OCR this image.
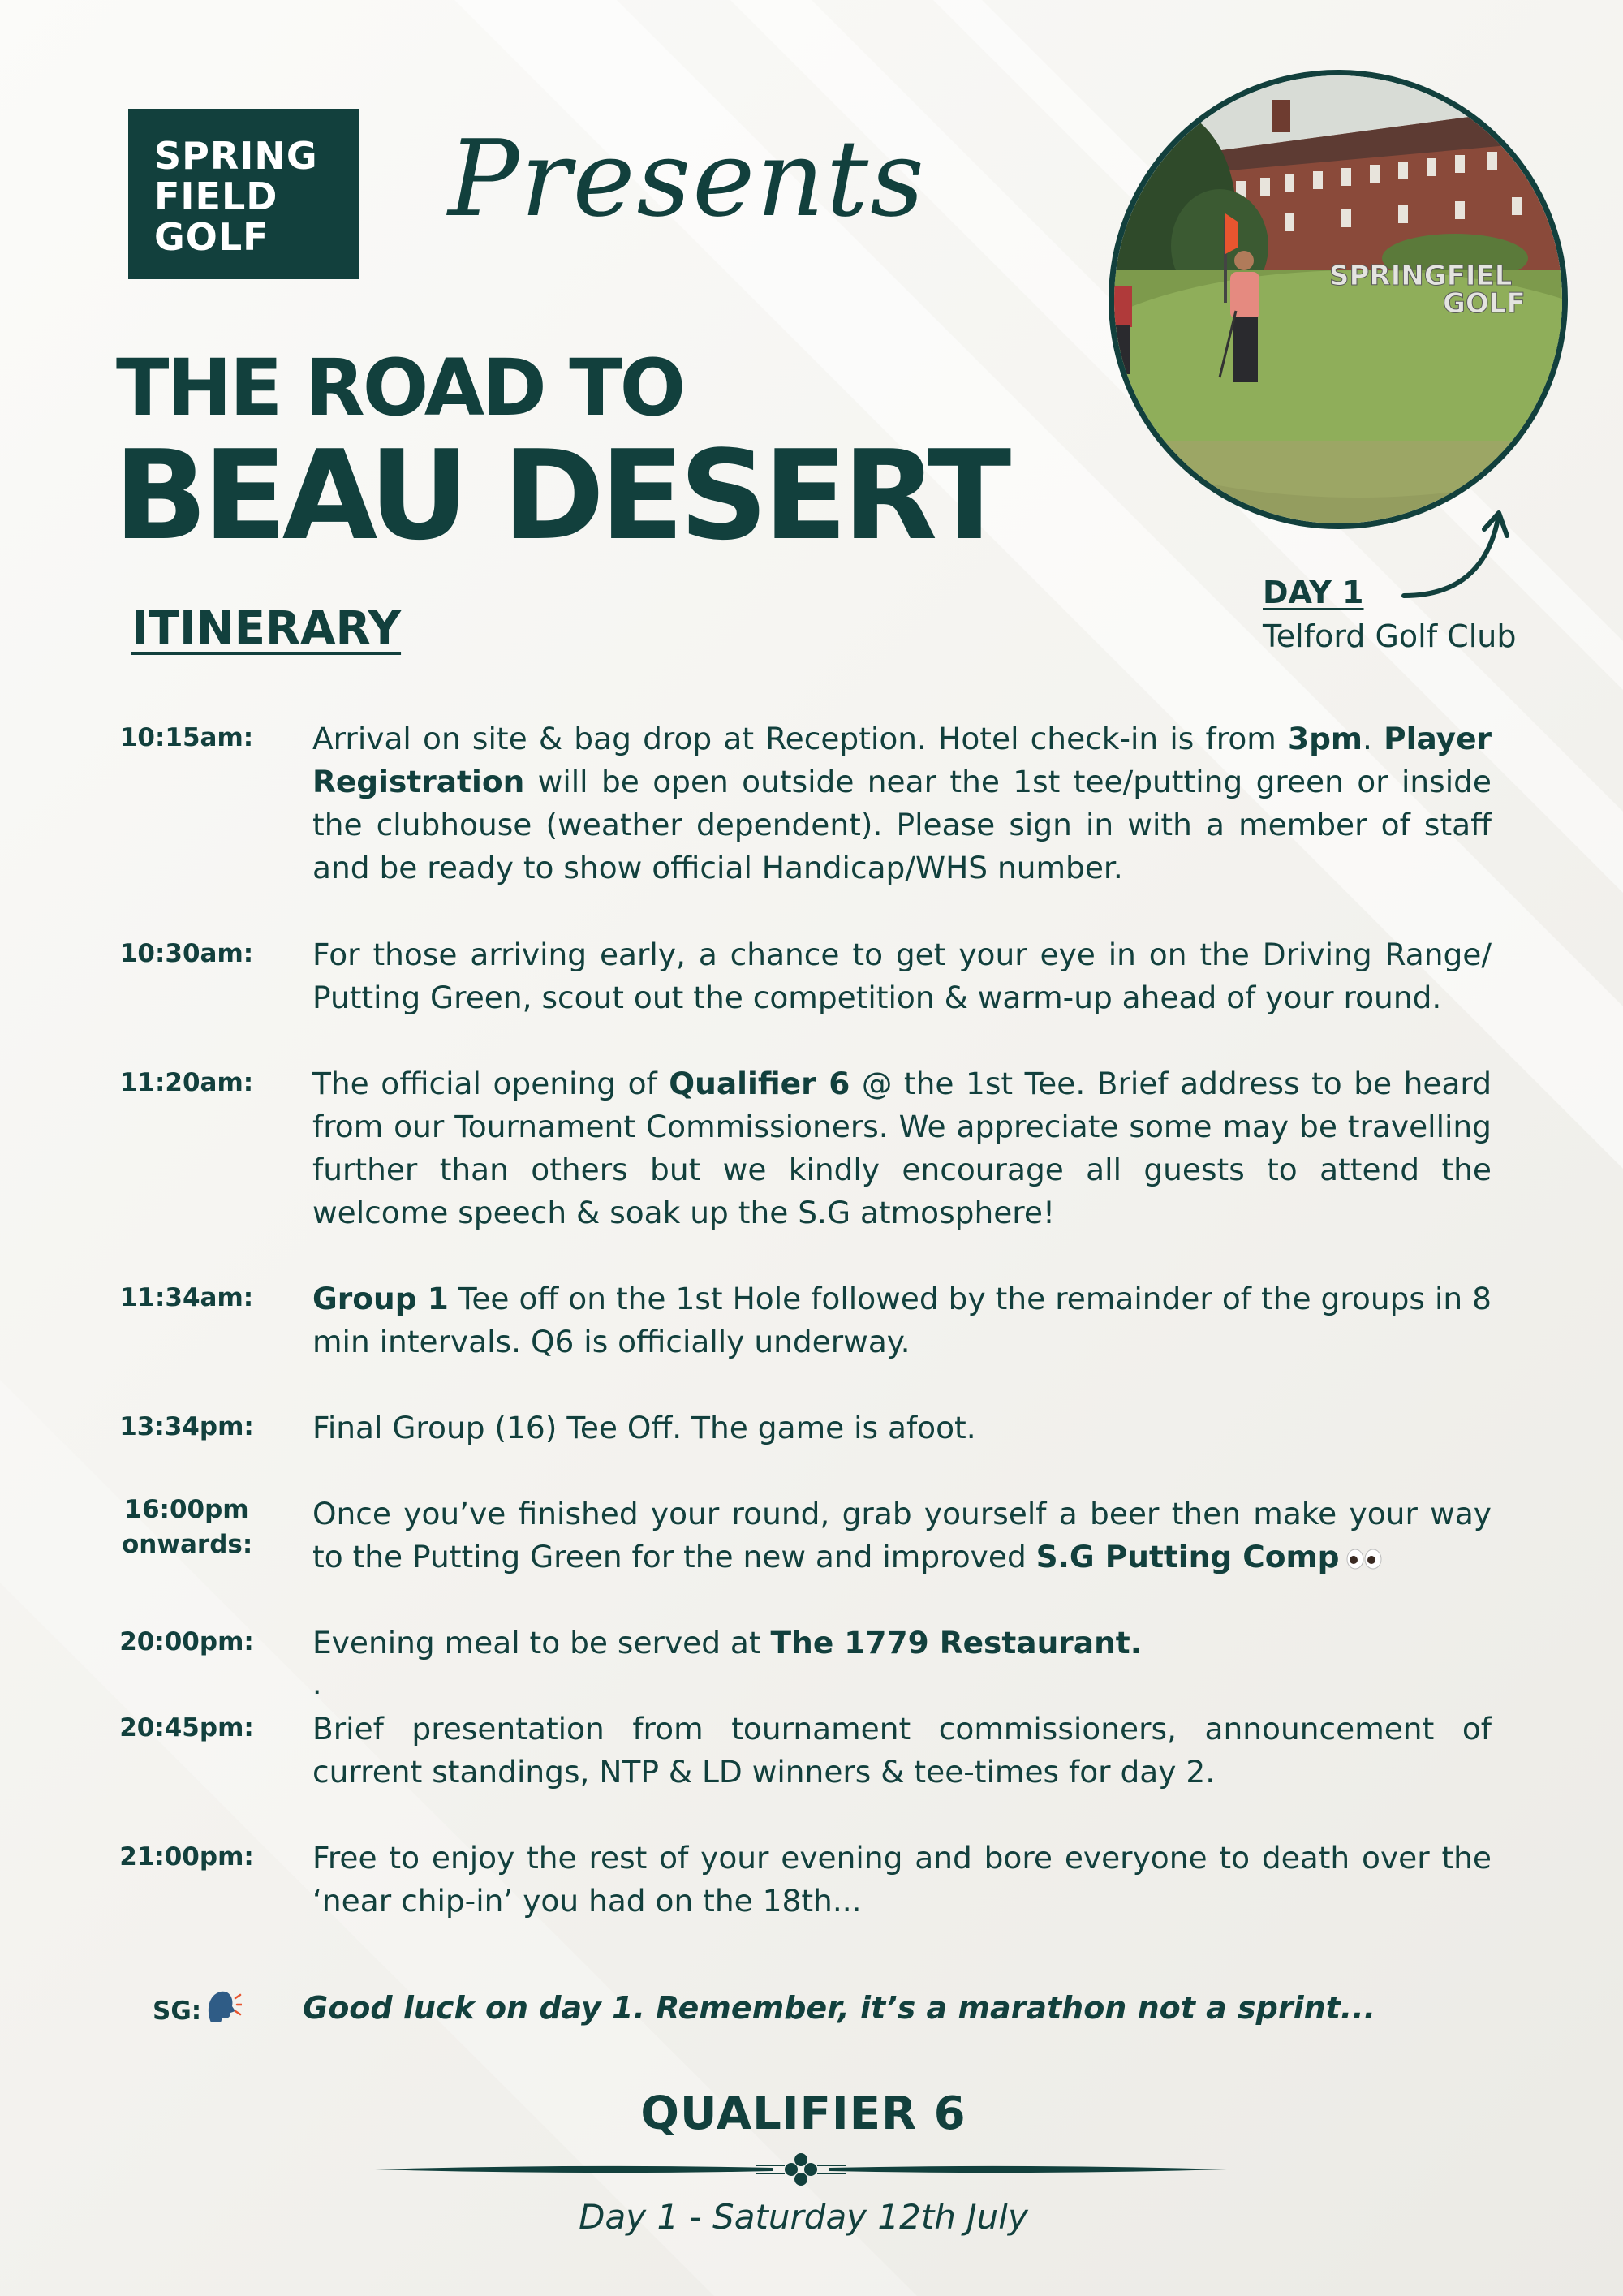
SPRING
FIELD
GOLF Presents
THE ROAD TO
BEAU DESERT
SPRINGFIEL
GOLF
DAY 1
Telford Golf Club
ITINERARY
10:15am: Arrival on site & bag drop at Reception. Hotel check-in is from 3pm. Player Registration will be open outside near the 1st tee/putting green or inside the clubhouse (weather dependent). Please sign in with a member of staff and be ready to show official Handicap/WHS number.
10:30am: For those arriving early, a chance to get your eye in on the Driving Range/ Putting Green, scout out the competition & warm-up ahead of your round.
11:20am: The official opening of Qualifier 6 @ the 1st Tee. Brief address to be heard from our Tournament Commissioners. We appreciate some may be travelling further than others but we kindly encourage all guests to attend the welcome speech & soak up the S.G atmosphere!
11:34am: Group 1 Tee off on the 1st Hole followed by the remainder of the groups in 8 min intervals. Q6 is officially underway.
13:34pm: Final Group (16) Tee Off. The game is afoot.
16:00pm onwards:
Once you’ve finished your round, grab yourself a beer then make your way to the Putting Green for the new and improved S.G Putting Comp
20:00pm: Evening meal to be served at The 1779 Restaurant.
.
20:45pm: Brief presentation from tournament commissioners, announcement of current standings, NTP & LD winners & tee-times for day 2.
21:00pm: Free to enjoy the rest of your evening and bore everyone to death over the ‘near chip-in’ you had on the 18th...
SG:	Good luck on day 1. Remember, it’s a marathon not a sprint...
QUALIFIER 6
Day 1 - Saturday 12th July
